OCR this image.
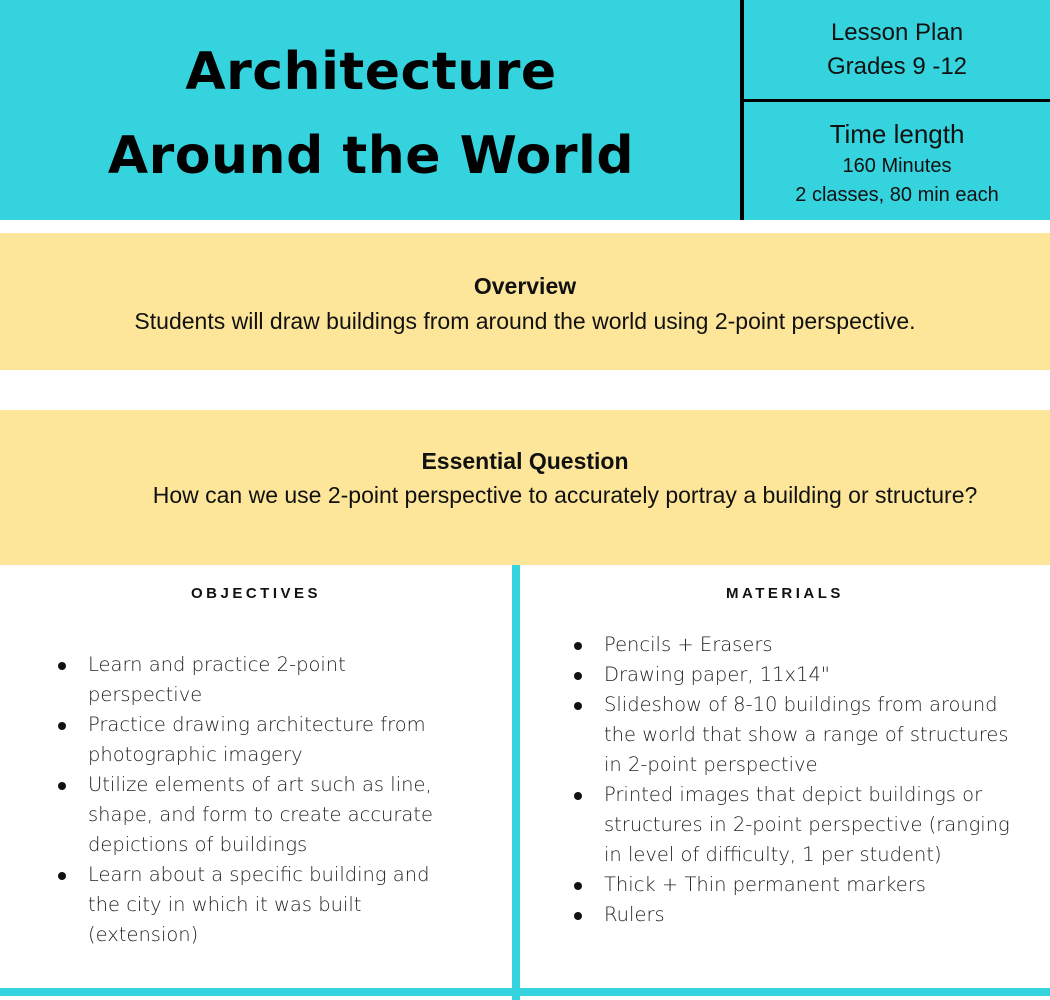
Architecture
Around the World
Lesson Plan
Grades 9 -12
Time length
160 Minutes
2 classes, 80 min each
Overview
Students will draw buildings from around the world using 2-point perspective.
Essential Question
How can we use 2-point perspective to accurately portray a building or structure?
OBJECTIVES
Learn and practice 2-point perspective
Practice drawing architecture from photographic imagery
Utilize elements of art such as line, shape, and form to create accurate depictions of buildings
Learn about a specific building and the city in which it was built (extension)
MATERIALS
Pencils + Erasers
Drawing paper, 11x14"
Slideshow of 8-10 buildings from around the world that show a range of structures in 2-point perspective
Printed images that depict buildings or structures in 2-point perspective (ranging in level of difficulty, 1 per student)
Thick + Thin permanent markers
Rulers
